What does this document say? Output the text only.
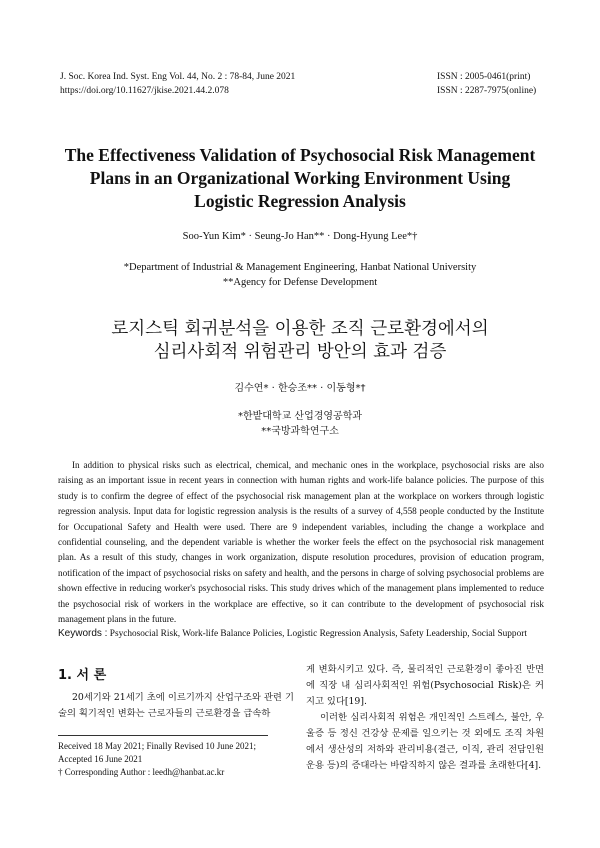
J. Soc. Korea Ind. Syst. Eng Vol. 44, No. 2 : 78-84, June 2021
https://doi.org/10.11627/jkise.2021.44.2.078
ISSN : 2005-0461(print)
ISSN : 2287-7975(online)
The Effectiveness Validation of Psychosocial Risk Management
Plans in an Organizational Working Environment Using
Logistic Regression Analysis
Soo-Yun Kim* · Seung-Jo Han** · Dong-Hyung Lee*†
*Department of Industrial & Management Engineering, Hanbat National University
**Agency for Defense Development
로지스틱 회귀분석을 이용한 조직 근로환경에서의
심리사회적 위험관리 방안의 효과 검증
김수연* · 한승조** · 이동형*†
*한밭대학교 산업경영공학과
**국방과학연구소

In addition to physical risks such as electrical, chemical, and mechanic ones in the workplace, psychosocial risks are also raising as an important issue in recent years in connection with human rights and work-life balance policies. The purpose of this study is to confirm the degree of effect of the psychosocial risk management plan at the workplace on workers through logistic regression analysis. Input data for logistic regression analysis is the results of a survey of 4,558 people conducted by the Institute for Occupational Safety and Health were used. There are 9 independent variables, including the change a workplace and confidential counseling, and the dependent variable is whether the worker feels the effect on the psychosocial risk management plan. As a result of this study, changes in work organization, dispute resolution procedures, provision of education program, notification of the impact of psychosocial risks on safety and health, and the persons in charge of solving psychosocial problems are shown effective in reducing worker's psychosocial risks. This study drives which of the management plans implemented to reduce the psychosocial risk of workers in the workplace are effective, so it can contribute to the development of psychosocial risk management plans in the future.

Keywords : Psychosocial Risk, Work-life Balance Policies, Logistic Regression Analysis, Safety Leadership, Social Support
1. 서 론

20세기와 21세기 초에 이르기까지 산업구조와 관련 기술의 획기적인 변화는 근로자들의 근로환경을 급속하

게 변화시키고 있다. 즉, 물리적인 근로환경이 좋아진 반면에 직장 내 심리사회적인 위험(Psychosocial Risk)은 커지고 있다[19].

이러한 심리사회적 위험은 개인적인 스트레스, 불안, 우울증 등 정신 건강상 문제를 일으키는 것 외에도 조직 차원에서 생산성의 저하와 관리비용(결근, 이직, 관리 전담인원 운용 등)의 증대라는 바람직하지 않은 결과를 초래한다[4].

Received 18 May 2021; Finally Revised 10 June 2021;
Accepted 16 June 2021
† Corresponding Author : leedh@hanbat.ac.kr
